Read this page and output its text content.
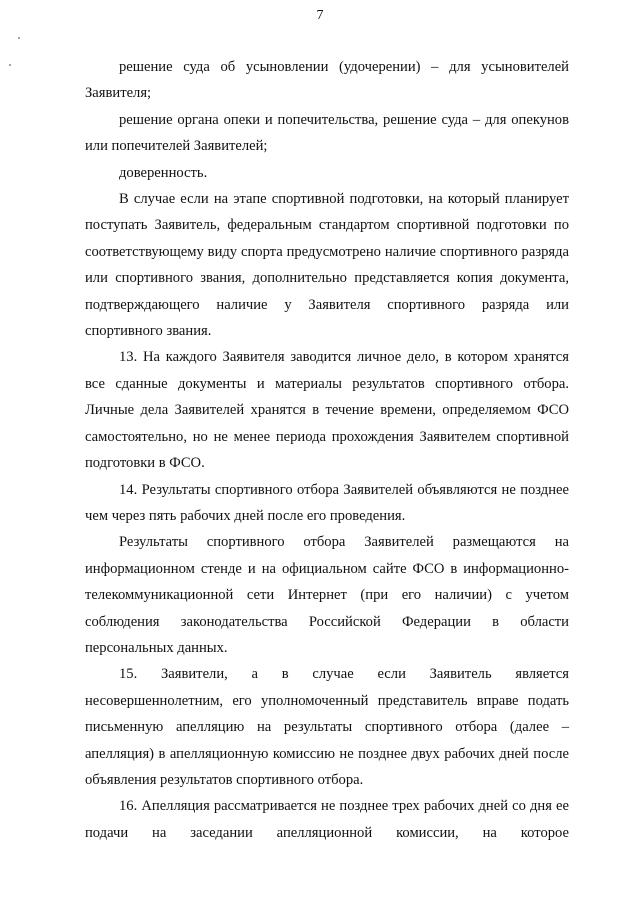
7

решение суда об усыновлении (удочерении) – для усыновителей Заявителя;

решение органа опеки и попечительства, решение суда – для опекунов или попечителей Заявителей;

доверенность.

В случае если на этапе спортивной подготовки, на который планирует поступать Заявитель, федеральным стандартом спортивной подготовки по соответствующему виду спорта предусмотрено наличие спортивного разряда или спортивного звания, дополнительно представляется копия документа, подтверждающего наличие у Заявителя спортивного разряда или спортивного звания.

13. На каждого Заявителя заводится личное дело, в котором хранятся все сданные документы и материалы результатов спортивного отбора. Личные дела Заявителей хранятся в течение времени, определяемом ФСО самостоятельно, но не менее периода прохождения Заявителем спортивной подготовки в ФСО.

14. Результаты спортивного отбора Заявителей объявляются не позднее чем через пять рабочих дней после его проведения.

Результаты спортивного отбора Заявителей размещаются на информационном стенде и на официальном сайте ФСО в информационно-телекоммуникационной сети Интернет (при его наличии) с учетом соблюдения законодательства Российской Федерации в области персональных данных.

15. Заявители, а в случае если Заявитель является несовершеннолетним, его уполномоченный представитель вправе подать письменную апелляцию на результаты спортивного отбора (далее – апелляция) в апелляционную комиссию не позднее двух рабочих дней после объявления результатов спортивного отбора.

16. Апелляция рассматривается не позднее трех рабочих дней со дня ее подачи на заседании апелляционной комиссии, на которое
